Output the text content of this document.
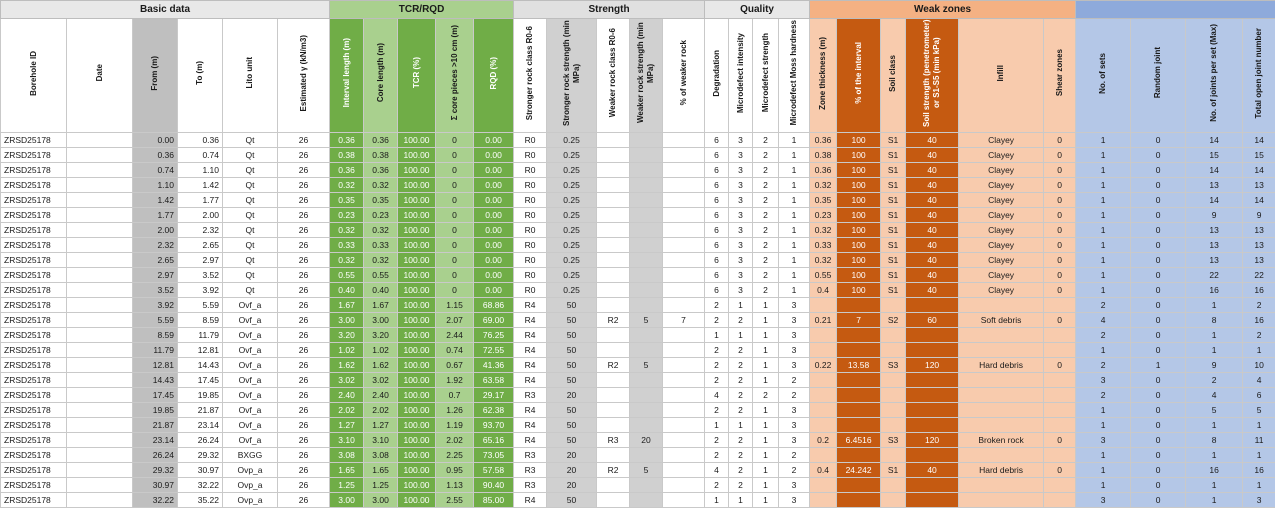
Basic data						TCR/RQD					Strength					Quality				Weak zones									
Borehole ID	Date	From (m)	To (m)	Lito unit	Estimated γ (kN/m3)	Interval length (m)	Core length (m)	TCR (%)	Σ core pieces >10 cm (m)	RQD (%)	Stronger rock class R0-6	Stronger rock strength (min MPa)	Weaker rock class R0-6	Weaker rock strength (min MPa)	% of weaker rock	Degradation	Microdefect intensity	Microdefect strength	Microdefect Moss hardness	Zone thickness (m)	% of the interval	Soil class	Soil strength (penetrometer) or S1-S5 (min kPa)	Infill	Shear zones	No. of sets	Random joint	No. of joints per set (Max)	Total open joint number
ZRSD25178		0.00	0.36	Qt	26	0.36	0.36	100.00	0	0.00	R0	0.25				6	3	2	1	0.36	100	S1	40	Clayey	0	1	0	14	14
ZRSD25178		0.36	0.74	Qt	26	0.38	0.38	100.00	0	0.00	R0	0.25				6	3	2	1	0.38	100	S1	40	Clayey	0	1	0	15	15
ZRSD25178		0.74	1.10	Qt	26	0.36	0.36	100.00	0	0.00	R0	0.25				6	3	2	1	0.36	100	S1	40	Clayey	0	1	0	14	14
ZRSD25178		1.10	1.42	Qt	26	0.32	0.32	100.00	0	0.00	R0	0.25				6	3	2	1	0.32	100	S1	40	Clayey	0	1	0	13	13
ZRSD25178		1.42	1.77	Qt	26	0.35	0.35	100.00	0	0.00	R0	0.25				6	3	2	1	0.35	100	S1	40	Clayey	0	1	0	14	14
ZRSD25178		1.77	2.00	Qt	26	0.23	0.23	100.00	0	0.00	R0	0.25				6	3	2	1	0.23	100	S1	40	Clayey	0	1	0	9	9
ZRSD25178		2.00	2.32	Qt	26	0.32	0.32	100.00	0	0.00	R0	0.25				6	3	2	1	0.32	100	S1	40	Clayey	0	1	0	13	13
ZRSD25178		2.32	2.65	Qt	26	0.33	0.33	100.00	0	0.00	R0	0.25				6	3	2	1	0.33	100	S1	40	Clayey	0	1	0	13	13
ZRSD25178		2.65	2.97	Qt	26	0.32	0.32	100.00	0	0.00	R0	0.25				6	3	2	1	0.32	100	S1	40	Clayey	0	1	0	13	13
ZRSD25178		2.97	3.52	Qt	26	0.55	0.55	100.00	0	0.00	R0	0.25				6	3	2	1	0.55	100	S1	40	Clayey	0	1	0	22	22
ZRSD25178		3.52	3.92	Qt	26	0.40	0.40	100.00	0	0.00	R0	0.25				6	3	2	1	0.4	100	S1	40	Clayey	0	1	0	16	16
ZRSD25178		3.92	5.59	Ovf_a	26	1.67	1.67	100.00	1.15	68.86	R4	50				2	1	1	3							2	0	1	2
ZRSD25178		5.59	8.59	Ovf_a	26	3.00	3.00	100.00	2.07	69.00	R4	50	R2	5	7	2	2	1	3	0.21	7	S2	60	Soft debris	0	4	0	8	16
ZRSD25178		8.59	11.79	Ovf_a	26	3.20	3.20	100.00	2.44	76.25	R4	50				1	1	1	3							2	0	1	2
ZRSD25178		11.79	12.81	Ovf_a	26	1.02	1.02	100.00	0.74	72.55	R4	50				2	2	1	3							1	0	1	1
ZRSD25178		12.81	14.43	Ovf_a	26	1.62	1.62	100.00	0.67	41.36	R4	50	R2	5		2	2	1	3	0.22	13.58	S3	120	Hard debris	0	2	1	9	10
ZRSD25178		14.43	17.45	Ovf_a	26	3.02	3.02	100.00	1.92	63.58	R4	50				2	2	1	2							3	0	2	4
ZRSD25178		17.45	19.85	Ovf_a	26	2.40	2.40	100.00	0.7	29.17	R3	20				4	2	2	2							2	0	4	6
ZRSD25178		19.85	21.87	Ovf_a	26	2.02	2.02	100.00	1.26	62.38	R4	50				2	2	1	3							1	0	5	5
ZRSD25178		21.87	23.14	Ovf_a	26	1.27	1.27	100.00	1.19	93.70	R4	50				1	1	1	3							1	0	1	1
ZRSD25178		23.14	26.24	Ovf_a	26	3.10	3.10	100.00	2.02	65.16	R4	50	R3	20		2	2	1	3	0.2	6.4516	S3	120	Broken rock	0	3	0	8	11
ZRSD25178		26.24	29.32	BXGG	26	3.08	3.08	100.00	2.25	73.05	R3	20				2	2	1	2							1	0	1	1
ZRSD25178		29.32	30.97	Ovp_a	26	1.65	1.65	100.00	0.95	57.58	R3	20	R2	5		4	2	1	2	0.4	24.242	S1	40	Hard debris	0	1	0	16	16
ZRSD25178		30.97	32.22	Ovp_a	26	1.25	1.25	100.00	1.13	90.40	R3	20				2	2	1	3							1	0	1	1
ZRSD25178		32.22	35.22	Ovp_a	26	3.00	3.00	100.00	2.55	85.00	R4	50				1	1	1	3							3	0	1	3
